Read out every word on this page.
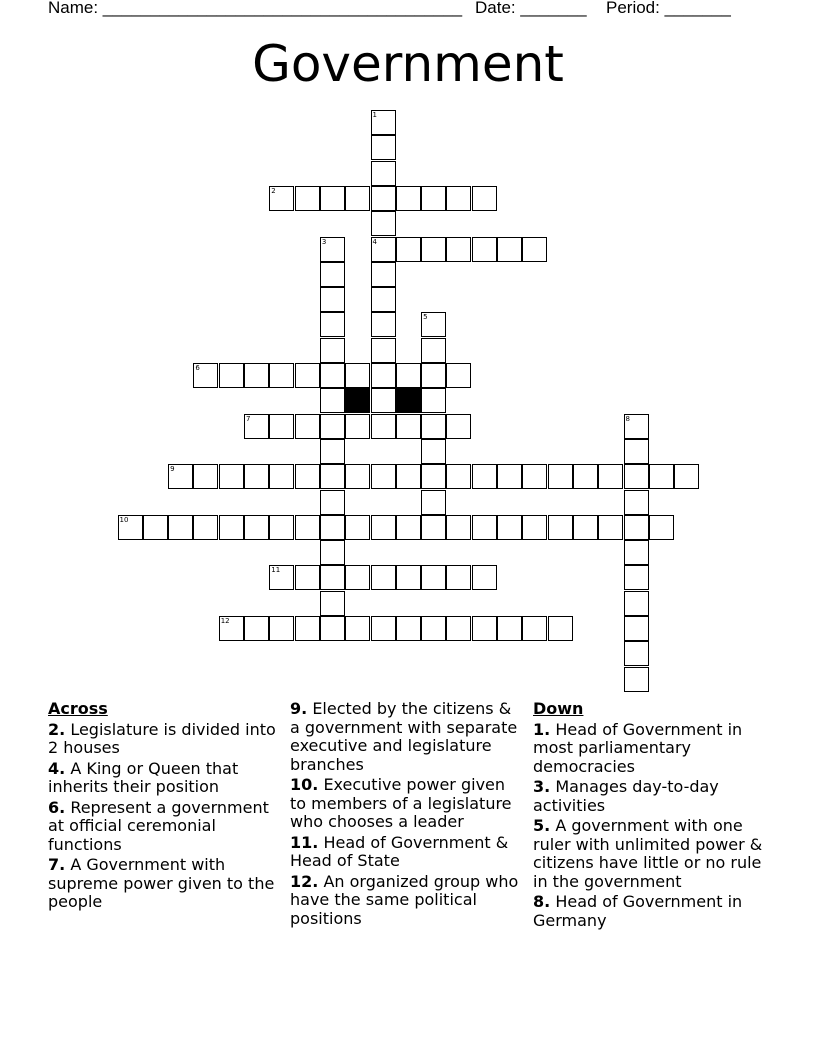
Name: ______________________________________ Date: _______ Period: _______
Government
1
4
2
3
5
6
7	8
9
10
11
12
Across
2. Legislature is divided into 2 houses
4. A King or Queen that inherits their position
6. Represent a government at official ceremonial functions
7. A Government with supreme power given to the people
9. Elected by the citizens & a government with separate executive and legislature branches
10. Executive power given to members of a legislature who chooses a leader
11. Head of Government & Head of State
12. An organized group who have the same political positions
Down
1. Head of Government in most parliamentary democracies
3. Manages day-to-day activities
5. A government with one ruler with unlimited power & citizens have little or no rule in the government
8. Head of Government in Germany
